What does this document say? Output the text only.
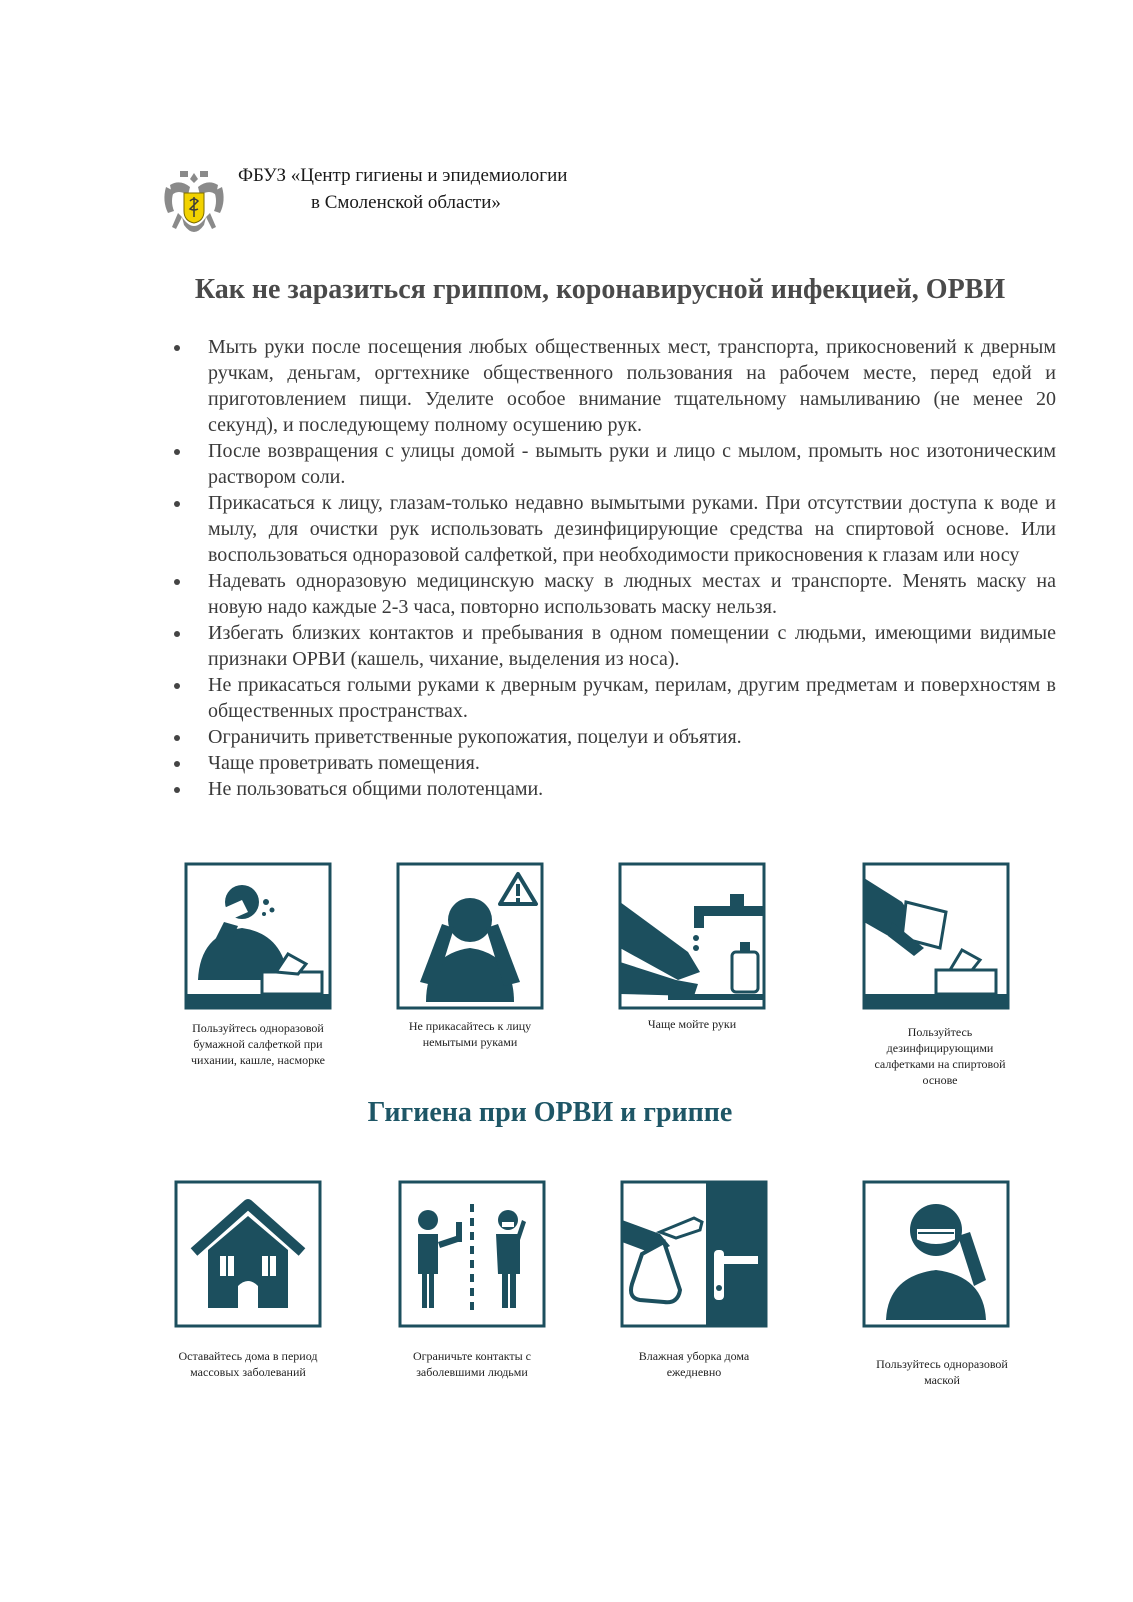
ФБУЗ «Центр гигиены и эпидемиологии
в Смоленской области»
Как не заразиться гриппом, коронавирусной инфекцией, ОРВИ
Мыть руки после посещения любых общественных мест, транспорта, прикосновений к дверным ручкам, деньгам, оргтехнике общественного пользования на рабочем месте, перед едой и приготовлением пищи. Уделите особое внимание тщательному намыливанию (не менее 20 секунд), и последующему полному осушению рук.
После возвращения с улицы домой - вымыть руки и лицо с мылом, промыть нос изотоническим раствором соли.
Прикасаться к лицу, глазам-только недавно вымытыми руками. При отсутствии доступа к воде и мылу, для очистки рук использовать дезинфицирующие средства на спиртовой основе. Или воспользоваться одноразовой салфеткой, при необходимости прикосновения к глазам или носу
Надевать одноразовую медицинскую маску в людных местах и транспорте. Менять маску на новую надо каждые 2-3 часа, повторно использовать маску нельзя.
Избегать близких контактов и пребывания в одном помещении с людьми, имеющими видимые признаки ОРВИ (кашель, чихание, выделения из носа).
Не прикасаться голыми руками к дверным ручкам, перилам, другим предметам и поверхностям в общественных пространствах.
Ограничить приветственные рукопожатия, поцелуи и объятия.
Чаще проветривать помещения.
Не пользоваться общими полотенцами.
Пользуйтесь одноразовой бумажной салфеткой при чихании, кашле, насморке
Не прикасайтесь к лицу немытыми руками
Чаще мойте руки
Пользуйтесь дезинфицирующими салфетками на спиртовой основе
Гигиена при ОРВИ и гриппе
Оставайтесь дома в период массовых заболеваний
Ограничьте контакты с заболевшими людьми
Влажная уборка дома ежедневно
Пользуйтесь одноразовой маской
